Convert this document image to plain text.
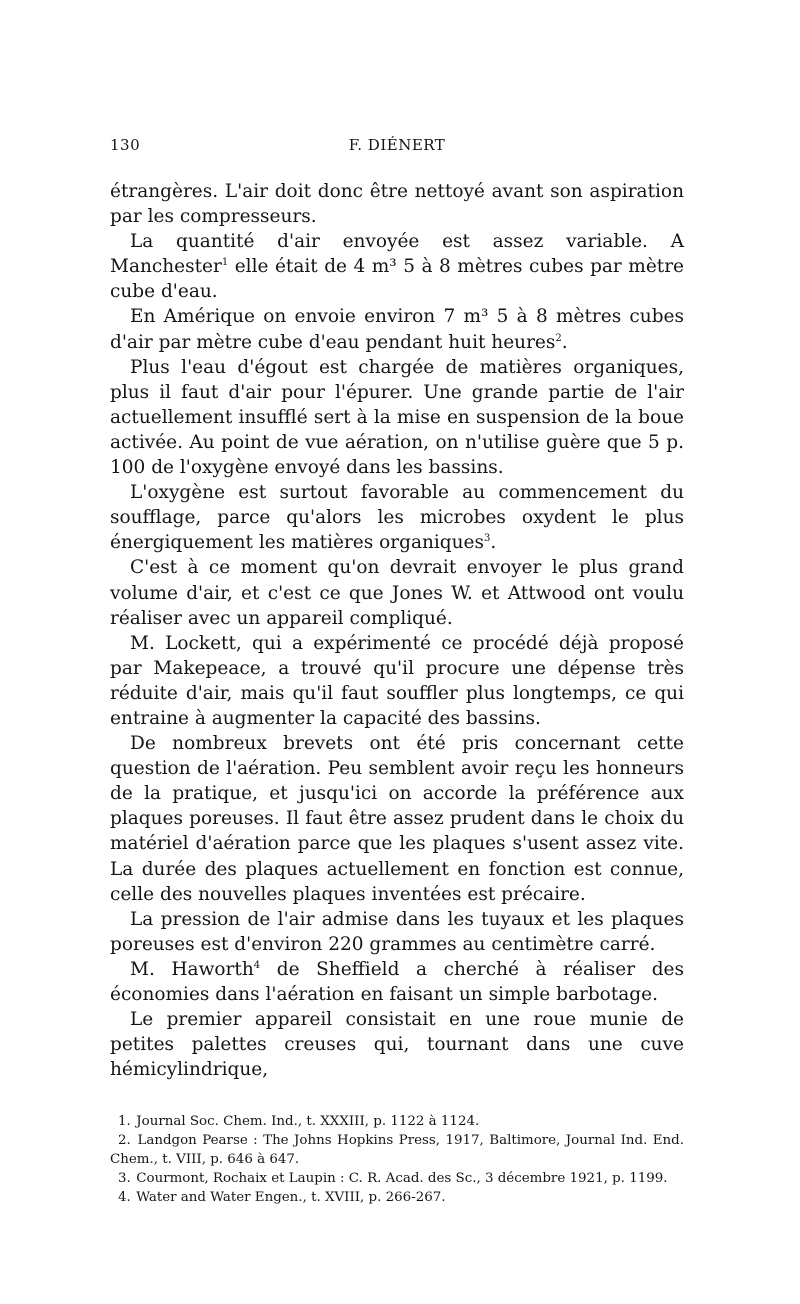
130	F. DIÉNERT

étrangères. L'air doit donc être nettoyé avant son aspiration par les compresseurs.

La quantité d'air envoyée est assez variable. A Manchester$^1$ elle était de 4 m³ 5 à 8 mètres cubes par mètre cube d'eau.

En Amérique on envoie environ 7 m³ 5 à 8 mètres cubes d'air par mètre cube d'eau pendant huit heures$^2$.

Plus l'eau d'égout est chargée de matières organiques, plus il faut d'air pour l'épurer. Une grande partie de l'air actuellement insufflé sert à la mise en suspension de la boue activée. Au point de vue aération, on n'utilise guère que 5 p. 100 de l'oxygène envoyé dans les bassins.

L'oxygène est surtout favorable au commencement du soufflage, parce qu'alors les microbes oxydent le plus énergiquement les matières organiques$^3$.

C'est à ce moment qu'on devrait envoyer le plus grand volume d'air, et c'est ce que Jones W. et Attwood ont voulu réaliser avec un appareil compliqué.

M. Lockett, qui a expérimenté ce procédé déjà proposé par Makepeace, a trouvé qu'il procure une dépense très réduite d'air, mais qu'il faut souffler plus longtemps, ce qui entraine à augmenter la capacité des bassins.

De nombreux brevets ont été pris concernant cette question de l'aération. Peu semblent avoir reçu les honneurs de la pratique, et jusqu'ici on accorde la préférence aux plaques poreuses. Il faut être assez prudent dans le choix du matériel d'aération parce que les plaques s'usent assez vite. La durée des plaques actuellement en fonction est connue, celle des nouvelles plaques inventées est précaire.

La pression de l'air admise dans les tuyaux et les plaques poreuses est d'environ 220 grammes au centimètre carré.

M. Haworth$^4$ de Sheffield a cherché à réaliser des économies dans l'aération en faisant un simple barbotage.

Le premier appareil consistait en une roue munie de petites palettes creuses qui, tournant dans une cuve hémicylindrique,

1. Journal Soc. Chem. Ind., t. XXXIII, p. 1122 à 1124.
2. Landgon Pearse : The Johns Hopkins Press, 1917, Baltimore, Journal Ind. End. Chem., t. VIII, p. 646 à 647.
3. Courmont, Rochaix et Laupin : C. R. Acad. des Sc., 3 décembre 1921, p. 1199.
4. Water and Water Engen., t. XVIII, p. 266-267.
